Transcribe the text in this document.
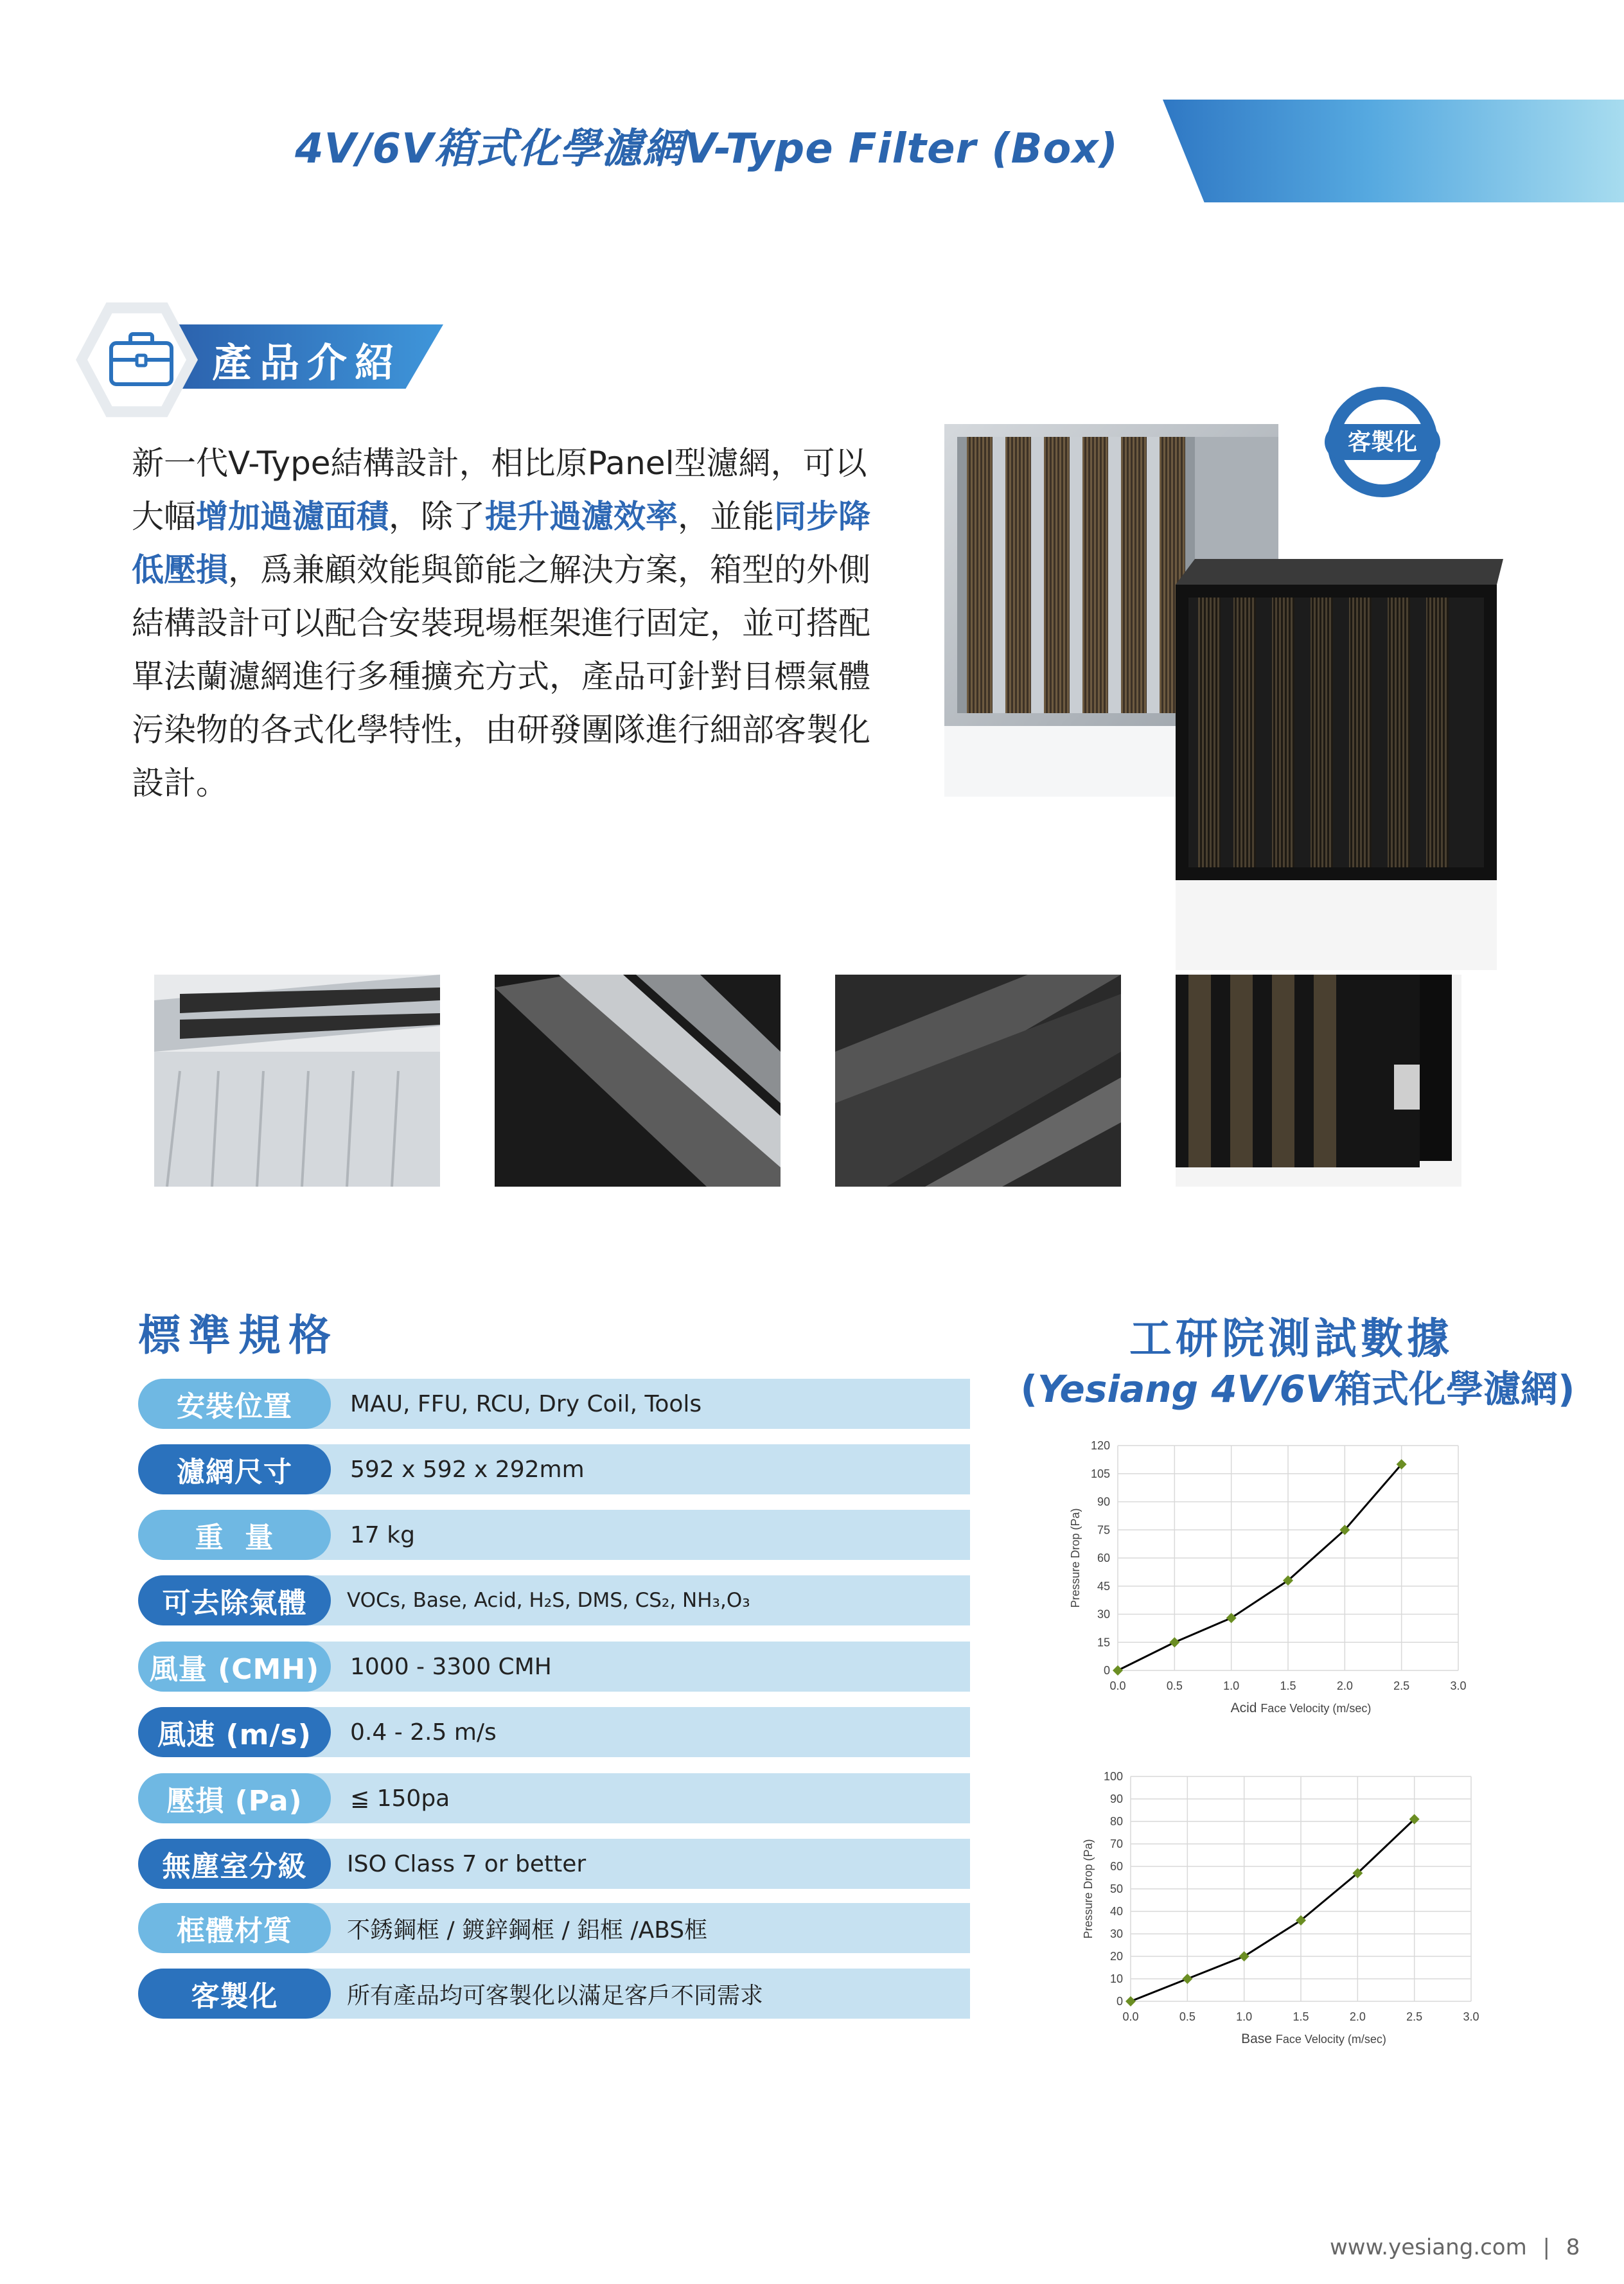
4V/6V箱式化學濾網V-Type Filter (Box)
產品介紹
新一代V-Type結構設計，相比原Panel型濾網，可以大幅增加過濾面積，除了提升過濾效率，並能同步降低壓損，爲兼顧效能與節能之解決方案，箱型的外側結構設計可以配合安裝現場框架進行固定，並可搭配單法蘭濾網進行多種擴充方式，產品可針對目標氣體污染物的各式化學特性，由研發團隊進行細部客製化設計。
客製化
標準規格
安裝位置	MAU, FFU, RCU, Dry Coil, Tools
濾網尺寸	592 x 592 x 292mm
重  量	17 kg
可去除氣體	VOCs, Base, Acid, H₂S, DMS, CS₂, NH₃,O₃
風量 (CMH)	1000 - 3300 CMH
風速 (m/s)	0.4 - 2.5 m/s
壓損 (Pa)	≦ 150pa
無塵室分級	ISO Class 7 or better
框體材質	不銹鋼框 / 鍍鋅鋼框 / 鋁框 /ABS框
客製化	所有產品均可客製化以滿足客戶不同需求
工研院測試數據
(Yesiang 4V/6V箱式化學濾網)
0
15
30
45
60
75
90
105
120
0.0	0.5	1.0	1.5	2.0	2.5	3.0
Pressure Drop (Pa)
Acid Face Velocity (m/sec)
0
10
20
30
40
50
60
70
80
90
100
0.0	0.5	1.0	1.5	2.0	2.5	3.0
Pressure Drop (Pa)
Base Face Velocity (m/sec)
www.yesiang.com | 8
